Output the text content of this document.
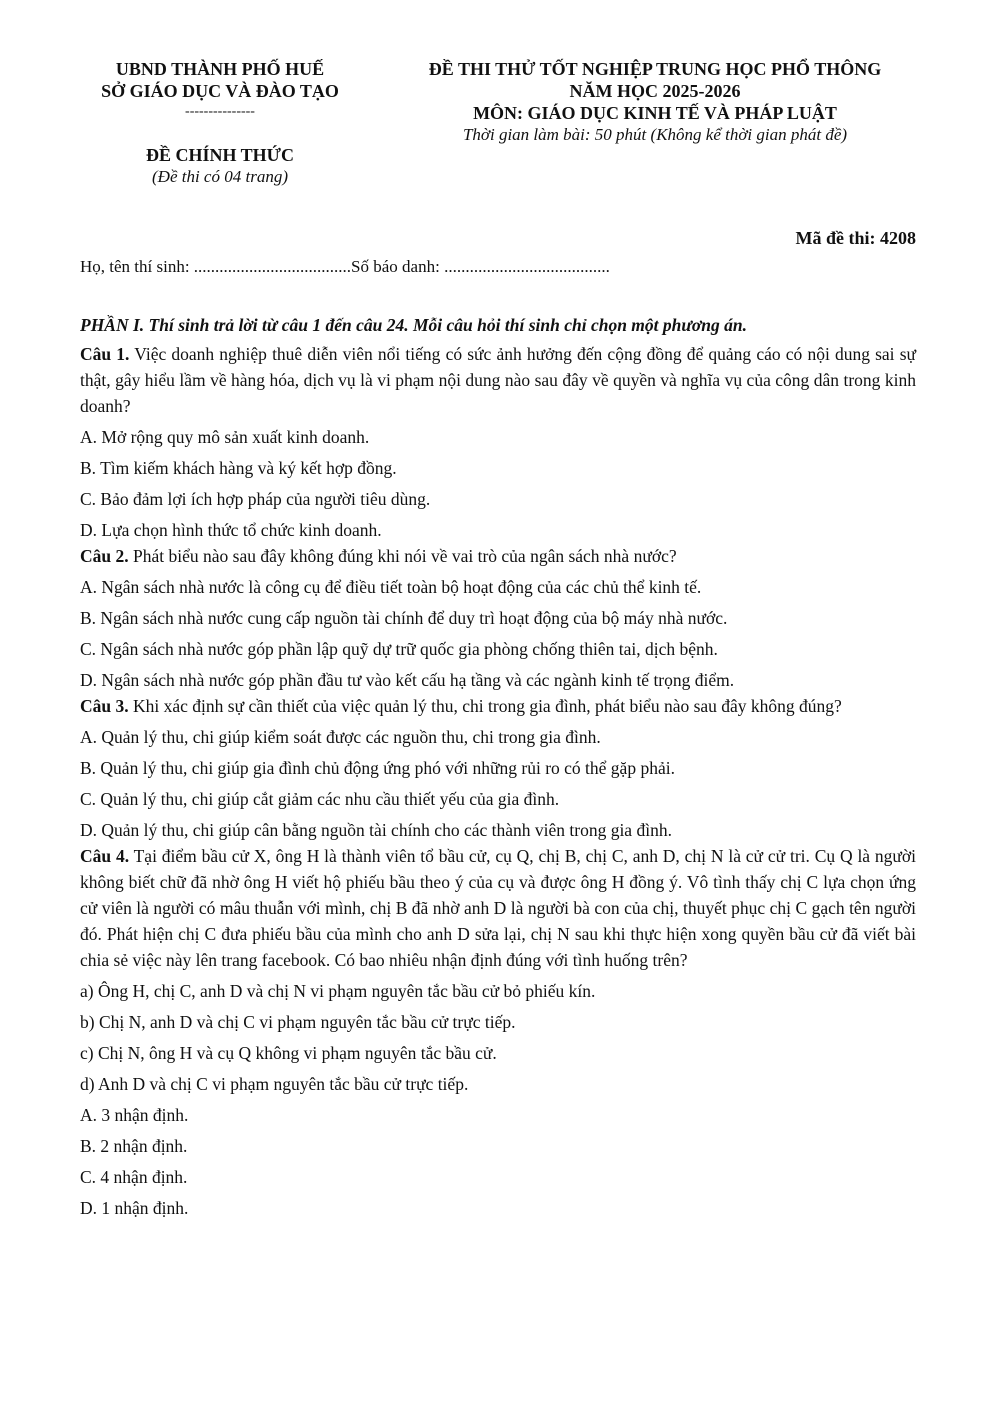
UBND THÀNH PHỐ HUẾ
SỞ GIÁO DỤC VÀ ĐÀO TẠO
---------------
ĐỀ CHÍNH THỨC
(Đề thi có 04 trang)
ĐỀ THI THỬ TỐT NGHIỆP TRUNG HỌC PHỔ THÔNG
NĂM HỌC 2025-2026
MÔN: GIÁO DỤC KINH TẾ VÀ PHÁP LUẬT
Thời gian làm bài: 50 phút (Không kể thời gian phát đề)
Mã đề thi: 4208
Họ, tên thí sinh: .....................................Số báo danh: .......................................
PHẦN I. Thí sinh trả lời từ câu 1 đến câu 24. Mỗi câu hỏi thí sinh chỉ chọn một phương án.

Câu 1. Việc doanh nghiệp thuê diễn viên nổi tiếng có sức ảnh hưởng đến cộng đồng để quảng cáo có nội dung sai sự thật, gây hiểu lầm về hàng hóa, dịch vụ là vi phạm nội dung nào sau đây về quyền và nghĩa vụ của công dân trong kinh doanh?

A. Mở rộng quy mô sản xuất kinh doanh.
B. Tìm kiếm khách hàng và ký kết hợp đồng.
C. Bảo đảm lợi ích hợp pháp của người tiêu dùng.
D. Lựa chọn hình thức tổ chức kinh doanh.

Câu 2. Phát biểu nào sau đây không đúng khi nói về vai trò của ngân sách nhà nước?

A. Ngân sách nhà nước là công cụ để điều tiết toàn bộ hoạt động của các chủ thể kinh tế.
B. Ngân sách nhà nước cung cấp nguồn tài chính để duy trì hoạt động của bộ máy nhà nước.
C. Ngân sách nhà nước góp phần lập quỹ dự trữ quốc gia phòng chống thiên tai, dịch bệnh.
D. Ngân sách nhà nước góp phần đầu tư vào kết cấu hạ tầng và các ngành kinh tế trọng điểm.

Câu 3. Khi xác định sự cần thiết của việc quản lý thu, chi trong gia đình, phát biểu nào sau đây không đúng?

A. Quản lý thu, chi giúp kiểm soát được các nguồn thu, chi trong gia đình.
B. Quản lý thu, chi giúp gia đình chủ động ứng phó với những rủi ro có thể gặp phải.
C. Quản lý thu, chi giúp cắt giảm các nhu cầu thiết yếu của gia đình.
D. Quản lý thu, chi giúp cân bằng nguồn tài chính cho các thành viên trong gia đình.

Câu 4. Tại điểm bầu cử X, ông H là thành viên tổ bầu cử, cụ Q, chị B, chị C, anh D, chị N là cử cử tri. Cụ Q là người không biết chữ đã nhờ ông H viết hộ phiếu bầu theo ý của cụ và được ông H đồng ý. Vô tình thấy chị C lựa chọn ứng cử viên là người có mâu thuẫn với mình, chị B đã nhờ anh D là người bà con của chị, thuyết phục chị C gạch tên người đó. Phát hiện chị C đưa phiếu bầu của mình cho anh D sửa lại, chị N sau khi thực hiện xong quyền bầu cử đã viết bài chia sẻ việc này lên trang facebook. Có bao nhiêu nhận định đúng với tình huống trên?

a) Ông H, chị C, anh D và chị N vi phạm nguyên tắc bầu cử bỏ phiếu kín.
b) Chị N, anh D và chị C vi phạm nguyên tắc bầu cử trực tiếp.
c) Chị N, ông H và cụ Q không vi phạm nguyên tắc bầu cử.
d) Anh D và chị C vi phạm nguyên tắc bầu cử trực tiếp.
A. 3 nhận định.
B. 2 nhận định.
C. 4 nhận định.
D. 1 nhận định.
